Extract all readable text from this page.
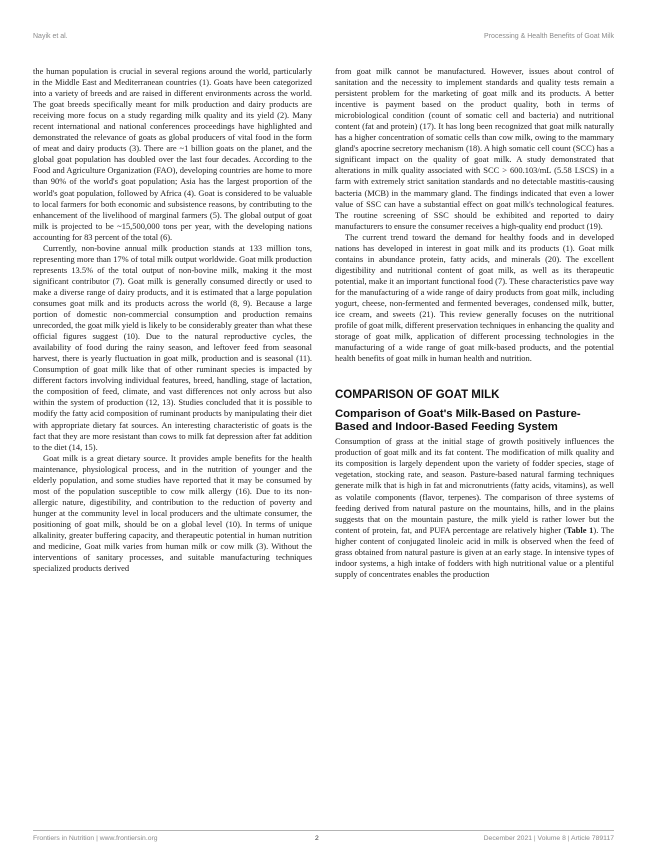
Nayik et al.	Processing & Health Benefits of Goat Milk

the human population is crucial in several regions around the world, particularly in the Middle East and Mediterranean countries (1). Goats have been categorized into a variety of breeds and are raised in different environments across the world. The goat breeds specifically meant for milk production and dairy products are receiving more focus on a study regarding milk quality and its yield (2). Many recent international and national conferences proceedings have highlighted and demonstrated the relevance of goats as global producers of vital food in the form of meat and dairy products (3). There are ~1 billion goats on the planet, and the global goat population has doubled over the last four decades. According to the Food and Agriculture Organization (FAO), developing countries are home to more than 90% of the world's goat population; Asia has the largest proportion of the world's goat population, followed by Africa (4). Goat is considered to be valuable to local farmers for both economic and subsistence reasons, by contributing to the enhancement of the livelihood of marginal farmers (5). The global output of goat milk is projected to be ~15,500,000 tons per year, with the developing nations accounting for 83 percent of the total (6).

Currently, non-bovine annual milk production stands at 133 million tons, representing more than 17% of total milk output worldwide. Goat milk production represents 13.5% of the total output of non-bovine milk, making it the most significant contributor (7). Goat milk is generally consumed directly or used to make a diverse range of dairy products, and it is estimated that a large population consumes goat milk and its products across the world (8, 9). Because a large portion of domestic non-commercial consumption and production remains unrecorded, the goat milk yield is likely to be considerably greater than what these official figures suggest (10). Due to the natural reproductive cycles, the availability of food during the rainy season, and leftover feed from seasonal harvest, there is yearly fluctuation in goat milk, production and is seasonal (11). Consumption of goat milk like that of other ruminant species is impacted by different factors involving individual features, breed, handling, stage of lactation, the composition of feed, climate, and vast differences not only across but also within the system of production (12, 13). Studies concluded that it is possible to modify the fatty acid composition of ruminant products by manipulating their diet with appropriate dietary fat sources. An interesting characteristic of goats is the fact that they are more resistant than cows to milk fat depression after fat addition to the diet (14, 15).

Goat milk is a great dietary source. It provides ample benefits for the health maintenance, physiological process, and in the nutrition of younger and the elderly population, and some studies have reported that it may be consumed by most of the population susceptible to cow milk allergy (16). Due to its non-allergic nature, digestibility, and contribution to the reduction of poverty and hunger at the community level in local producers and the ultimate consumer, the positioning of goat milk, should be on a global level (10). In terms of unique alkalinity, greater buffering capacity, and therapeutic potential in human nutrition and medicine, Goat milk varies from human milk or cow milk (3). Without the interventions of sanitary processes, and suitable manufacturing techniques specialized products derived

from goat milk cannot be manufactured. However, issues about control of sanitation and the necessity to implement standards and quality tests remain a persistent problem for the marketing of goat milk and its products. A better incentive is payment based on the product quality, both in terms of microbiological condition (count of somatic cell and bacteria) and nutritional content (fat and protein) (17). It has long been recognized that goat milk naturally has a higher concentration of somatic cells than cow milk, owing to the mammary gland's apocrine secretory mechanism (18). A high somatic cell count (SCC) has a significant impact on the quality of goat milk. A study demonstrated that alterations in milk quality associated with SCC > 600.103/mL (5.58 LSCS) in a farm with extremely strict sanitation standards and no detectable mastitis-causing bacteria (MCB) in the mammary gland. The findings indicated that even a lower value of SSC can have a substantial effect on goat milk's technological features. The routine screening of SSC should be exhibited and reported to dairy manufacturers to ensure the consumer receives a high-quality end product (19).

The current trend toward the demand for healthy foods and in developed nations has developed in interest in goat milk and its products (1). Goat milk contains in abundance protein, fatty acids, and minerals (20). The excellent digestibility and nutritional content of goat milk, as well as its therapeutic potential, make it an important functional food (7). These characteristics pave way for the manufacturing of a wide range of dairy products from goat milk, including yogurt, cheese, non-fermented and fermented beverages, condensed milk, butter, ice cream, and sweets (21). This review generally focuses on the nutritional profile of goat milk, different preservation techniques in enhancing the quality and storage of goat milk, application of different processing technologies in the manufacturing of a wide range of goat milk-based products, and the potential health benefits of goat milk in human health and nutrition.

COMPARISON OF GOAT MILK
Comparison of Goat's Milk-Based on Pasture-Based and Indoor-Based Feeding System

Consumption of grass at the initial stage of growth positively influences the production of goat milk and its fat content. The modification of milk quality and its composition is largely dependent upon the variety of fodder species, stage of vegetation, stocking rate, and season. Pasture-based natural farming techniques generate milk that is high in fat and micronutrients (fatty acids, vitamins), as well as volatile components (flavor, terpenes). The comparison of three systems of feeding derived from natural pasture on the mountains, hills, and in the plains suggests that on the mountain pasture, the milk yield is rather lower but the content of protein, fat, and PUFA percentage are relatively higher (Table 1). The higher content of conjugated linoleic acid in milk is observed when the feed of grass obtained from natural pasture is given at an early stage. In intensive types of indoor systems, a high intake of fodders with high nutritional value or a plentiful supply of concentrates enables the production

Frontiers in Nutrition | www.frontiersin.org	2	December 2021 | Volume 8 | Article 789117
